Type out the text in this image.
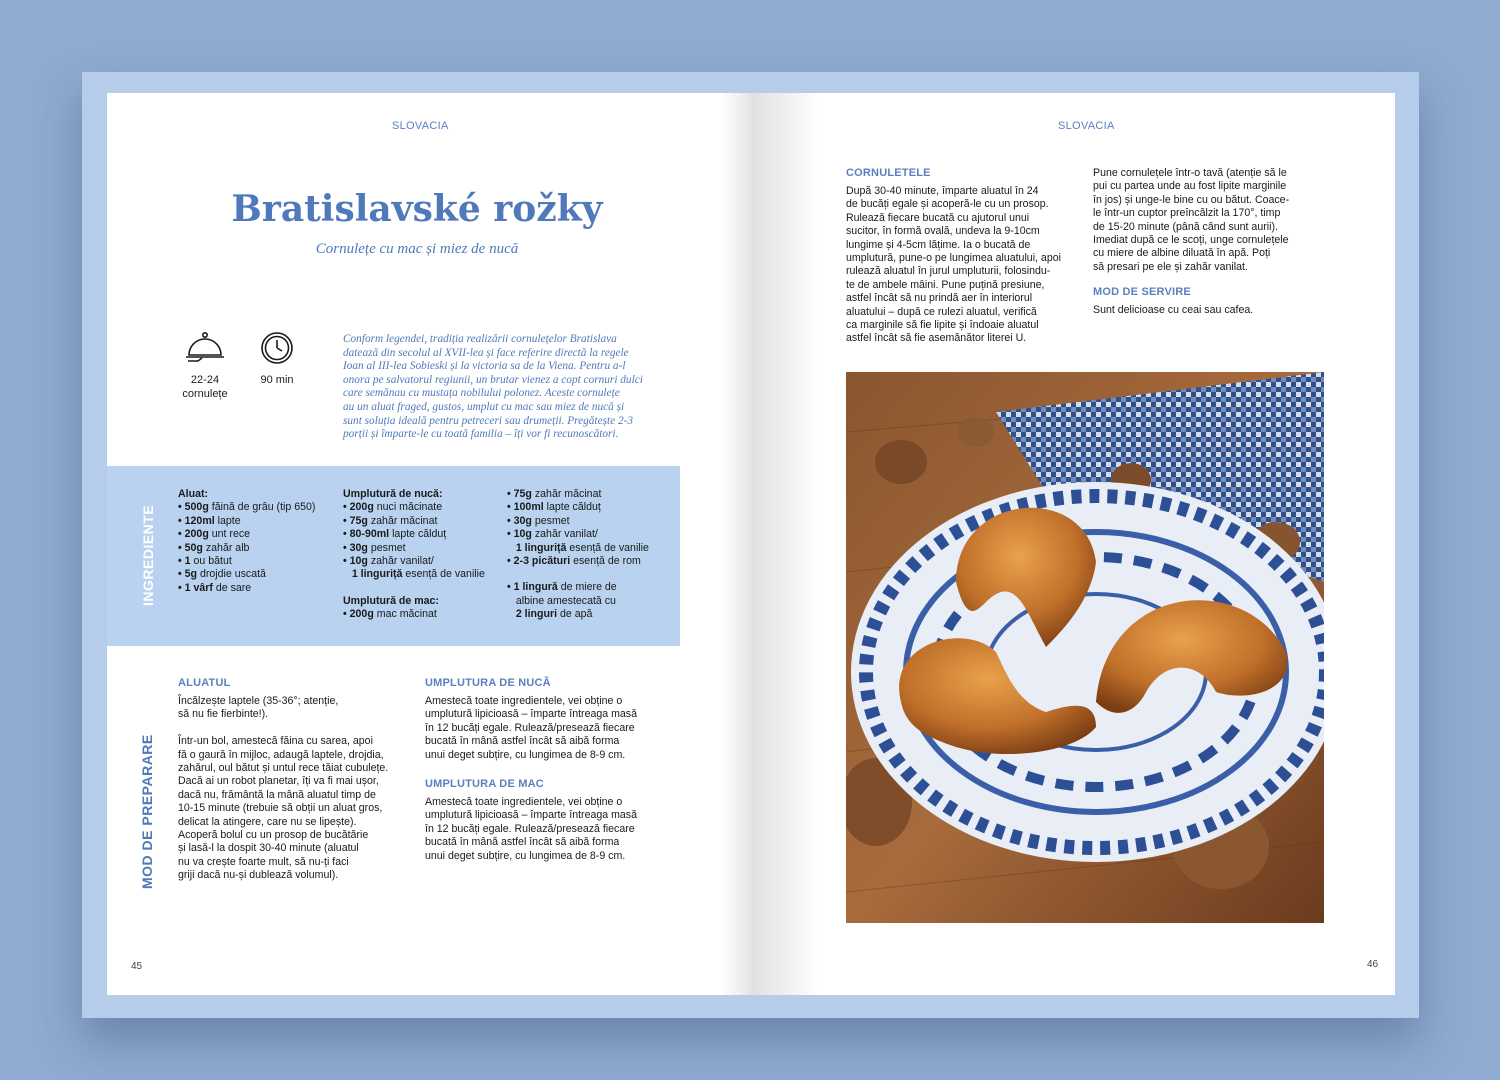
SLOVACIA
Bratislavské rožky
Cornulețe cu mac și miez de nucă
22-24
cornulețe
90 min
Conform legendei, tradiția realizării cornulețelor Bratislava
datează din secolul al XVII-lea și face referire directă la regele
Ioan al III-lea Sobieski și la victoria sa de la Viena. Pentru a-l
onora pe salvatorul regiunii, un brutar vienez a copt cornuri dulci
care semănau cu mustața nobilului polonez. Aceste cornulețe
au un aluat fraged, gustos, umplut cu mac sau miez de nucă și
sunt soluția ideală pentru petreceri sau drumeții. Pregătește 2-3
porții și împarte-le cu toată familia – îți vor fi recunoscători.
INGREDIENTE
Aluat:
• 500g făină de grâu (tip 650)
• 120ml lapte
• 200g unt rece
• 50g zahăr alb
• 1 ou bătut
• 5g drojdie uscată
• 1 vârf de sare
Umplutură de nucă:
• 200g nuci măcinate
• 75g zahăr măcinat
• 80-90ml lapte călduț
• 30g pesmet
• 10g zahăr vanilat/
1 linguriță esență de vanilie
Umplutură de mac:
• 200g mac măcinat
• 75g zahăr măcinat
• 100ml lapte călduț
• 30g pesmet
• 10g zahăr vanilat/
1 linguriță esență de vanilie
• 2-3 picături esență de rom
• 1 lingură de miere de
albine amestecată cu
2 linguri de apă
MOD DE PREPARARE
ALUATUL
Încălzește laptele (35-36°; atenție,
să nu fie fierbinte!).

Într-un bol, amestecă făina cu sarea, apoi
fă o gaură în mijloc, adaugă laptele, drojdia,
zahărul, oul bătut și untul rece tăiat cubulețe.
Dacă ai un robot planetar, îți va fi mai ușor,
dacă nu, frământă la mână aluatul timp de
10-15 minute (trebuie să obții un aluat gros,
delicat la atingere, care nu se lipește).
Acoperă bolul cu un prosop de bucătărie
și lasă-l la dospit 30-40 minute (aluatul
nu va crește foarte mult, să nu-ți faci
griji dacă nu-și dublează volumul).
UMPLUTURA DE NUCĂ
Amestecă toate ingredientele, vei obține o
umplutură lipicioasă – împarte întreaga masă
în 12 bucăți egale. Rulează/presează fiecare
bucată în mână astfel încât să aibă forma
unui deget subțire, cu lungimea de 8-9 cm.
UMPLUTURA DE MAC
Amestecă toate ingredientele, vei obține o
umplutură lipicioasă – împarte întreaga masă
în 12 bucăți egale. Rulează/presează fiecare
bucată în mână astfel încât să aibă forma
unui deget subțire, cu lungimea de 8-9 cm.
45
SLOVACIA
CORNULETELE
După 30-40 minute, împarte aluatul în 24
de bucăți egale și acoperă-le cu un prosop.
Rulează fiecare bucată cu ajutorul unui
sucitor, în formă ovală, undeva la 9-10cm
lungime și 4-5cm lățime. Ia o bucată de
umplutură, pune-o pe lungimea aluatului, apoi
rulează aluatul în jurul umpluturii, folosindu-
te de ambele mâini. Pune puțină presiune,
astfel încât să nu prindă aer în interiorul
aluatului – după ce rulezi aluatul, verifică
ca marginile să fie lipite și îndoaie aluatul
astfel încât să fie asemănător literei U.
Pune cornulețele într-o tavă (atenție să le
pui cu partea unde au fost lipite marginile
în jos) și unge-le bine cu ou bătut. Coace-
le într-un cuptor preîncălzit la 170°, timp
de 15-20 minute (până când sunt aurii).
Imediat după ce le scoți, unge cornulețele
cu miere de albine diluată în apă. Poți
să presari pe ele și zahăr vanilat.
MOD DE SERVIRE
Sunt delicioase cu ceai sau cafea.
46
